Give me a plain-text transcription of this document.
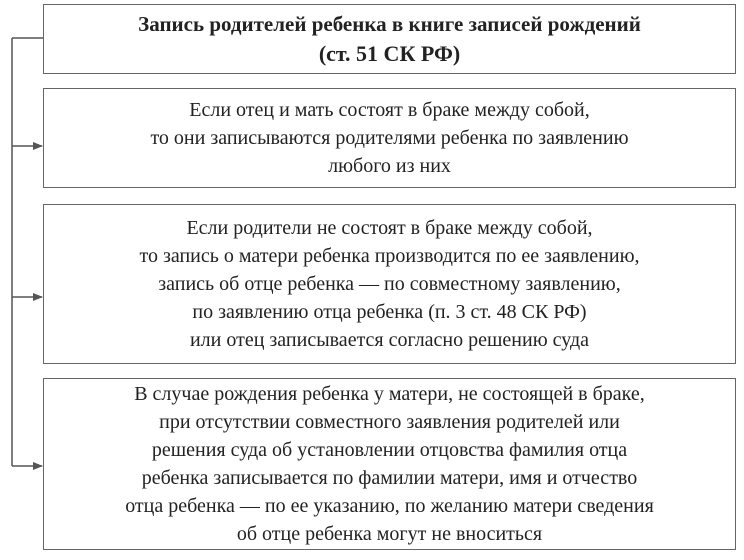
Запись родителей ребенка в книге записей рождений
(ст. 51 СК РФ)
Если отец и мать состоят в браке между собой,
то они записываются родителями ребенка по заявлению
любого из них
Если родители не состоят в браке между собой,
то запись о матери ребенка производится по ее заявлению,
запись об отце ребенка — по совместному заявлению,
по заявлению отца ребенка (п. 3 ст. 48 СК РФ)
или отец записывается согласно решению суда
В случае рождения ребенка у матери, не состоящей в браке,
при отсутствии совместного заявления родителей или
решения суда об установлении отцовства фамилия отца
ребенка записывается по фамилии матери, имя и отчество
отца ребенка — по ее указанию, по желанию матери сведения
об отце ребенка могут не вноситься
